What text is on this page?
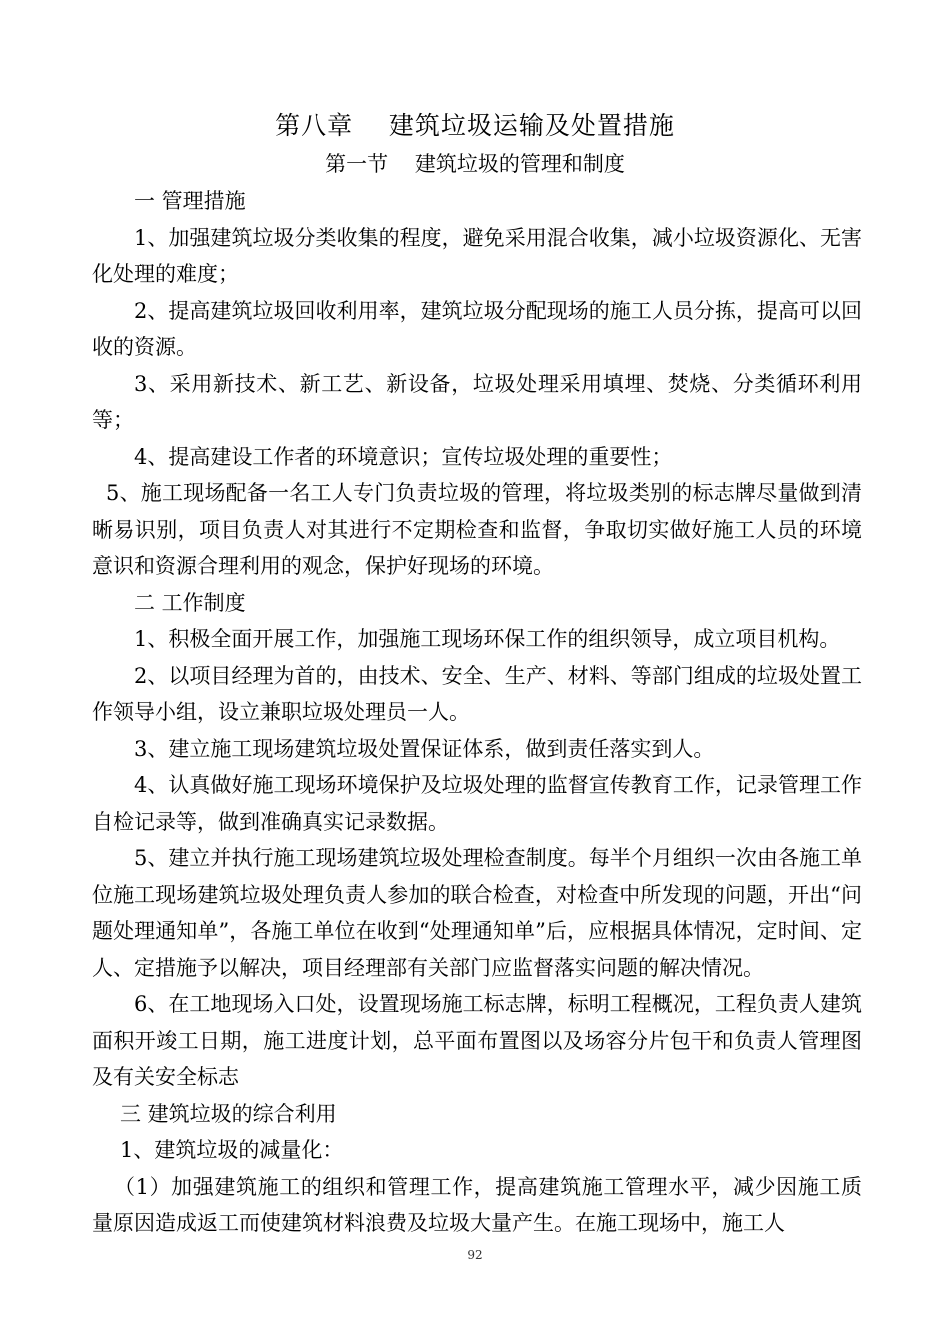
第八章    建筑垃圾运输及处置措施
第一节    建筑垃圾的管理和制度

一 管理措施

1、加强建筑垃圾分类收集的程度，避免采用混合收集，减小垃圾资源化、无害化处理的难度；

2、提高建筑垃圾回收利用率，建筑垃圾分配现场的施工人员分拣，提高可以回收的资源。

3、采用新技术、新工艺、新设备，垃圾处理采用填埋、焚烧、分类循环利用等；

4、提高建设工作者的环境意识；宣传垃圾处理的重要性；

5、施工现场配备一名工人专门负责垃圾的管理，将垃圾类别的标志牌尽量做到清晰易识别，项目负责人对其进行不定期检查和监督，争取切实做好施工人员的环境意识和资源合理利用的观念，保护好现场的环境。

二 工作制度

1、积极全面开展工作，加强施工现场环保工作的组织领导，成立项目机构。

2、以项目经理为首的，由技术、安全、生产、材料、等部门组成的垃圾处置工作领导小组，设立兼职垃圾处理员一人。

3、建立施工现场建筑垃圾处置保证体系，做到责任落实到人。

4、认真做好施工现场环境保护及垃圾处理的监督宣传教育工作，记录管理工作自检记录等，做到准确真实记录数据。

5、建立并执行施工现场建筑垃圾处理检查制度。每半个月组织一次由各施工单位施工现场建筑垃圾处理负责人参加的联合检查，对检查中所发现的问题，开出“问题处理通知单”，各施工单位在收到“处理通知单”后，应根据具体情况，定时间、定人、定措施予以解决，项目经理部有关部门应监督落实问题的解决情况。

6、在工地现场入口处，设置现场施工标志牌，标明工程概况，工程负责人建筑面积开竣工日期，施工进度计划，总平面布置图以及场容分片包干和负责人管理图及有关安全标志

三 建筑垃圾的综合利用

1、建筑垃圾的减量化：

（1）加强建筑施工的组织和管理工作，提高建筑施工管理水平，减少因施工质量原因造成返工而使建筑材料浪费及垃圾大量产生。在施工现场中，施工人

92
